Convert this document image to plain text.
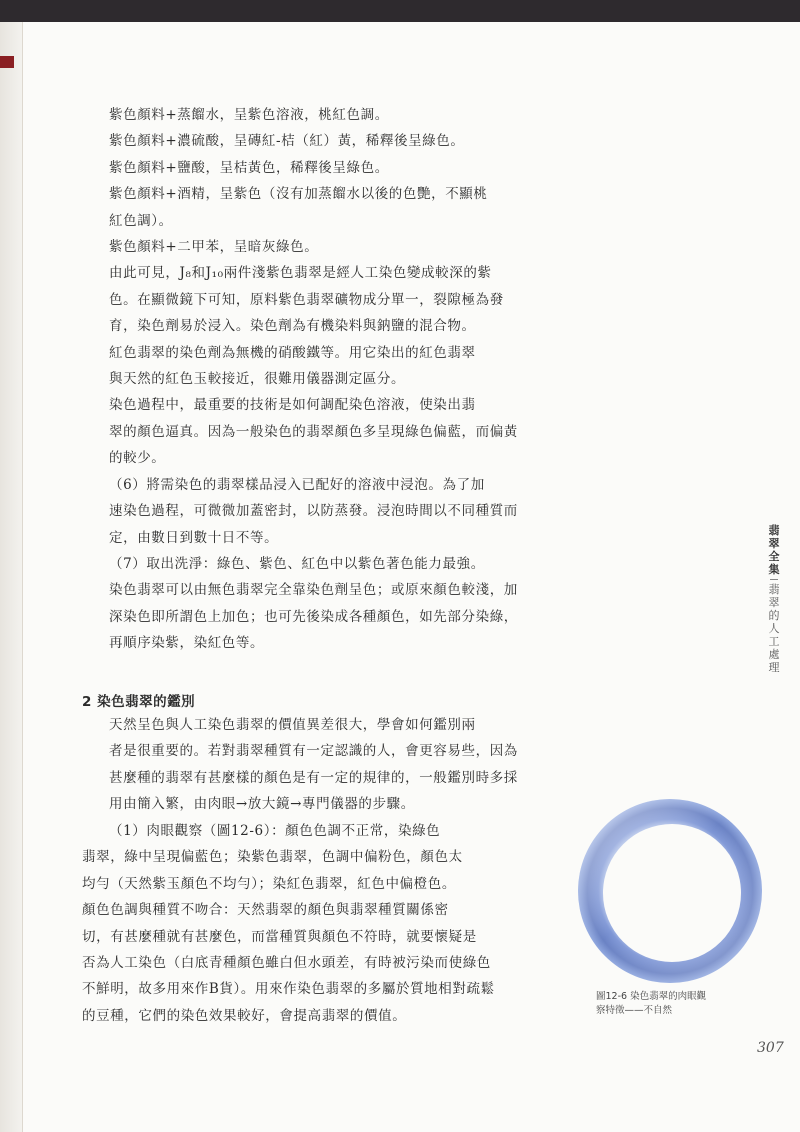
紫色顏料+蒸餾水，呈紫色溶液，桃紅色調。

紫色顏料+濃硫酸，呈磚紅-桔（紅）黃，稀釋後呈綠色。

紫色顏料+鹽酸，呈桔黃色，稀釋後呈綠色。

紫色顏料+酒精，呈紫色（沒有加蒸餾水以後的色艷，不顯桃
紅色調）。

紫色顏料+二甲苯，呈暗灰綠色。

由此可見，J₈和J₁₀兩件淺紫色翡翠是經人工染色變成較深的紫
色。在顯微鏡下可知，原料紫色翡翠礦物成分單一，裂隙極為發
育，染色劑易於浸入。染色劑為有機染料與鈉鹽的混合物。

紅色翡翠的染色劑為無機的硝酸鐵等。用它染出的紅色翡翠
與天然的紅色玉較接近，很難用儀器測定區分。

染色過程中，最重要的技術是如何調配染色溶液，使染出翡
翠的顏色逼真。因為一般染色的翡翠顏色多呈現綠色偏藍，而偏黃
的較少。

（6）將需染色的翡翠樣品浸入已配好的溶液中浸泡。為了加
速染色過程，可微微加蓋密封，以防蒸發。浸泡時間以不同種質而
定，由數日到數十日不等。

（7）取出洗淨：綠色、紫色、紅色中以紫色著色能力最強。
染色翡翠可以由無色翡翠完全靠染色劑呈色；或原來顏色較淺，加
深染色即所謂色上加色；也可先後染成各種顏色，如先部分染綠，
再順序染紫，染紅色等。

2 染色翡翠的鑑別

天然呈色與人工染色翡翠的價值異差很大，學會如何鑑別兩
者是很重要的。若對翡翠種質有一定認識的人，會更容易些，因為
甚麼種的翡翠有甚麼樣的顏色是有一定的規律的，一般鑑別時多採
用由簡入繁，由肉眼→放大鏡→專門儀器的步驟。

（1）肉眼觀察（圖12-6）：顏色色調不正常，染綠色
翡翠，綠中呈現偏藍色；染紫色翡翠，色調中偏粉色，顏色太
均勻（天然紫玉顏色不均勻）；染紅色翡翠，紅色中偏橙色。
顏色色調與種質不吻合：天然翡翠的顏色與翡翠種質關係密
切，有甚麼種就有甚麼色，而當種質與顏色不符時，就要懷疑是
否為人工染色（白底青種顏色雖白但水頭差，有時被污染而使綠色
不鮮明，故多用來作B貨）。用來作染色翡翠的多屬於質地相對疏鬆
的豆種，它們的染色效果較好，會提高翡翠的價值。

翡
翠
全
集
翡
翠
的
人
工
處
理
圖12-6 染色翡翠的肉眼觀
察特徵——不自然
307
